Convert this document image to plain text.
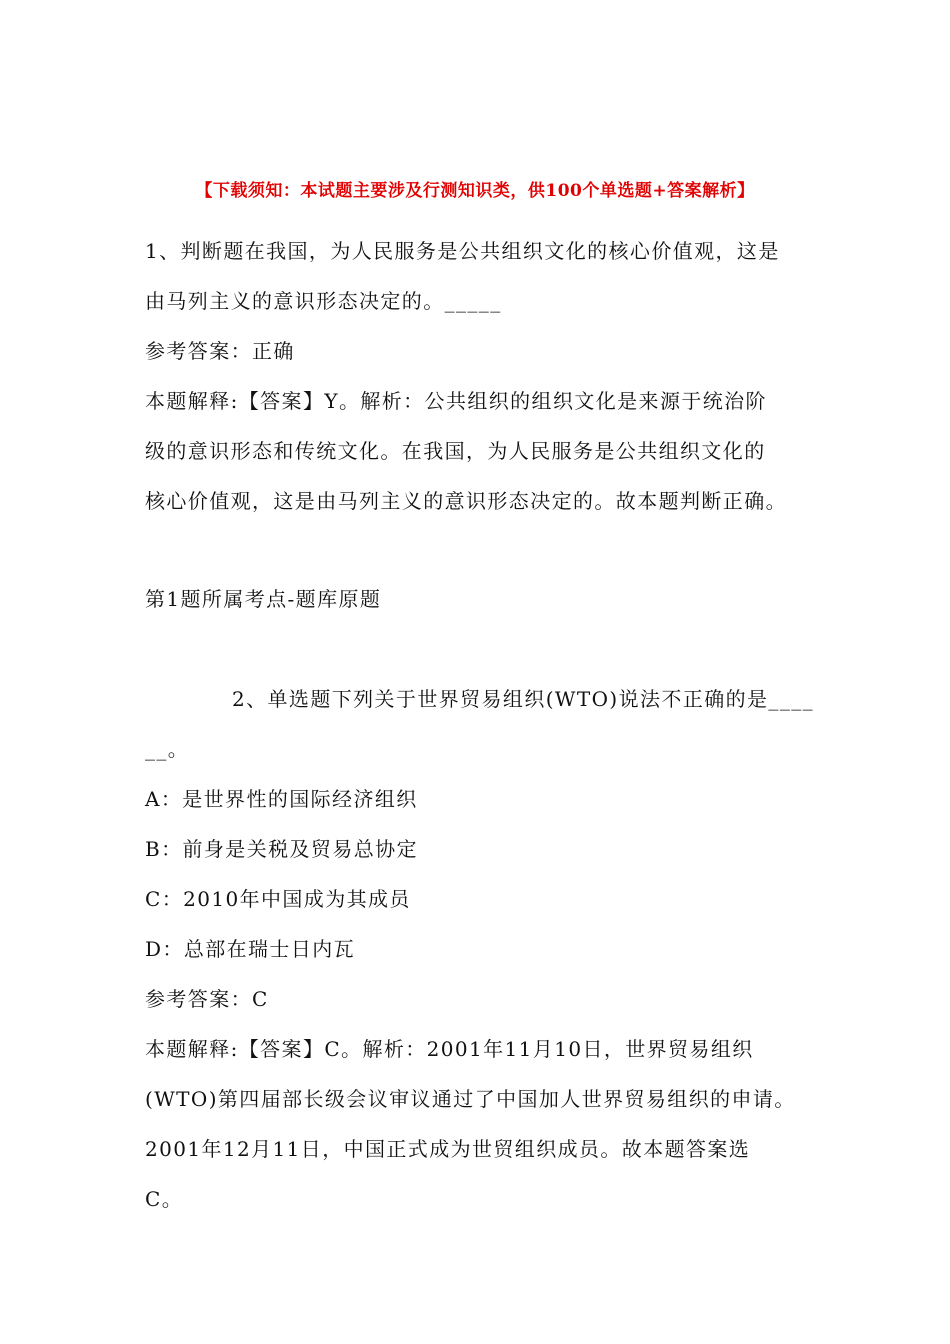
【下载须知：本试题主要涉及行测知识类，供100个单选题+答案解析】
1、判断题在我国，为人民服务是公共组织文化的核心价值观，这是
由马列主义的意识形态决定的。_____
参考答案：正确
本题解释:【答案】Y。解析：公共组织的组织文化是来源于统治阶
级的意识形态和传统文化。在我国，为人民服务是公共组织文化的
核心价值观，这是由马列主义的意识形态决定的。故本题判断正确。
第1题所属考点-题库原题
2、单选题下列关于世界贸易组织(WTO)说法不正确的是____
__。
A：是世界性的国际经济组织
B：前身是关税及贸易总协定
C：2010年中国成为其成员
D：总部在瑞士日内瓦
参考答案：C
本题解释:【答案】C。解析：2001年11月10日，世界贸易组织
(WTO)第四届部长级会议审议通过了中国加人世界贸易组织的申请。
2001年12月11日，中国正式成为世贸组织成员。故本题答案选
C。
